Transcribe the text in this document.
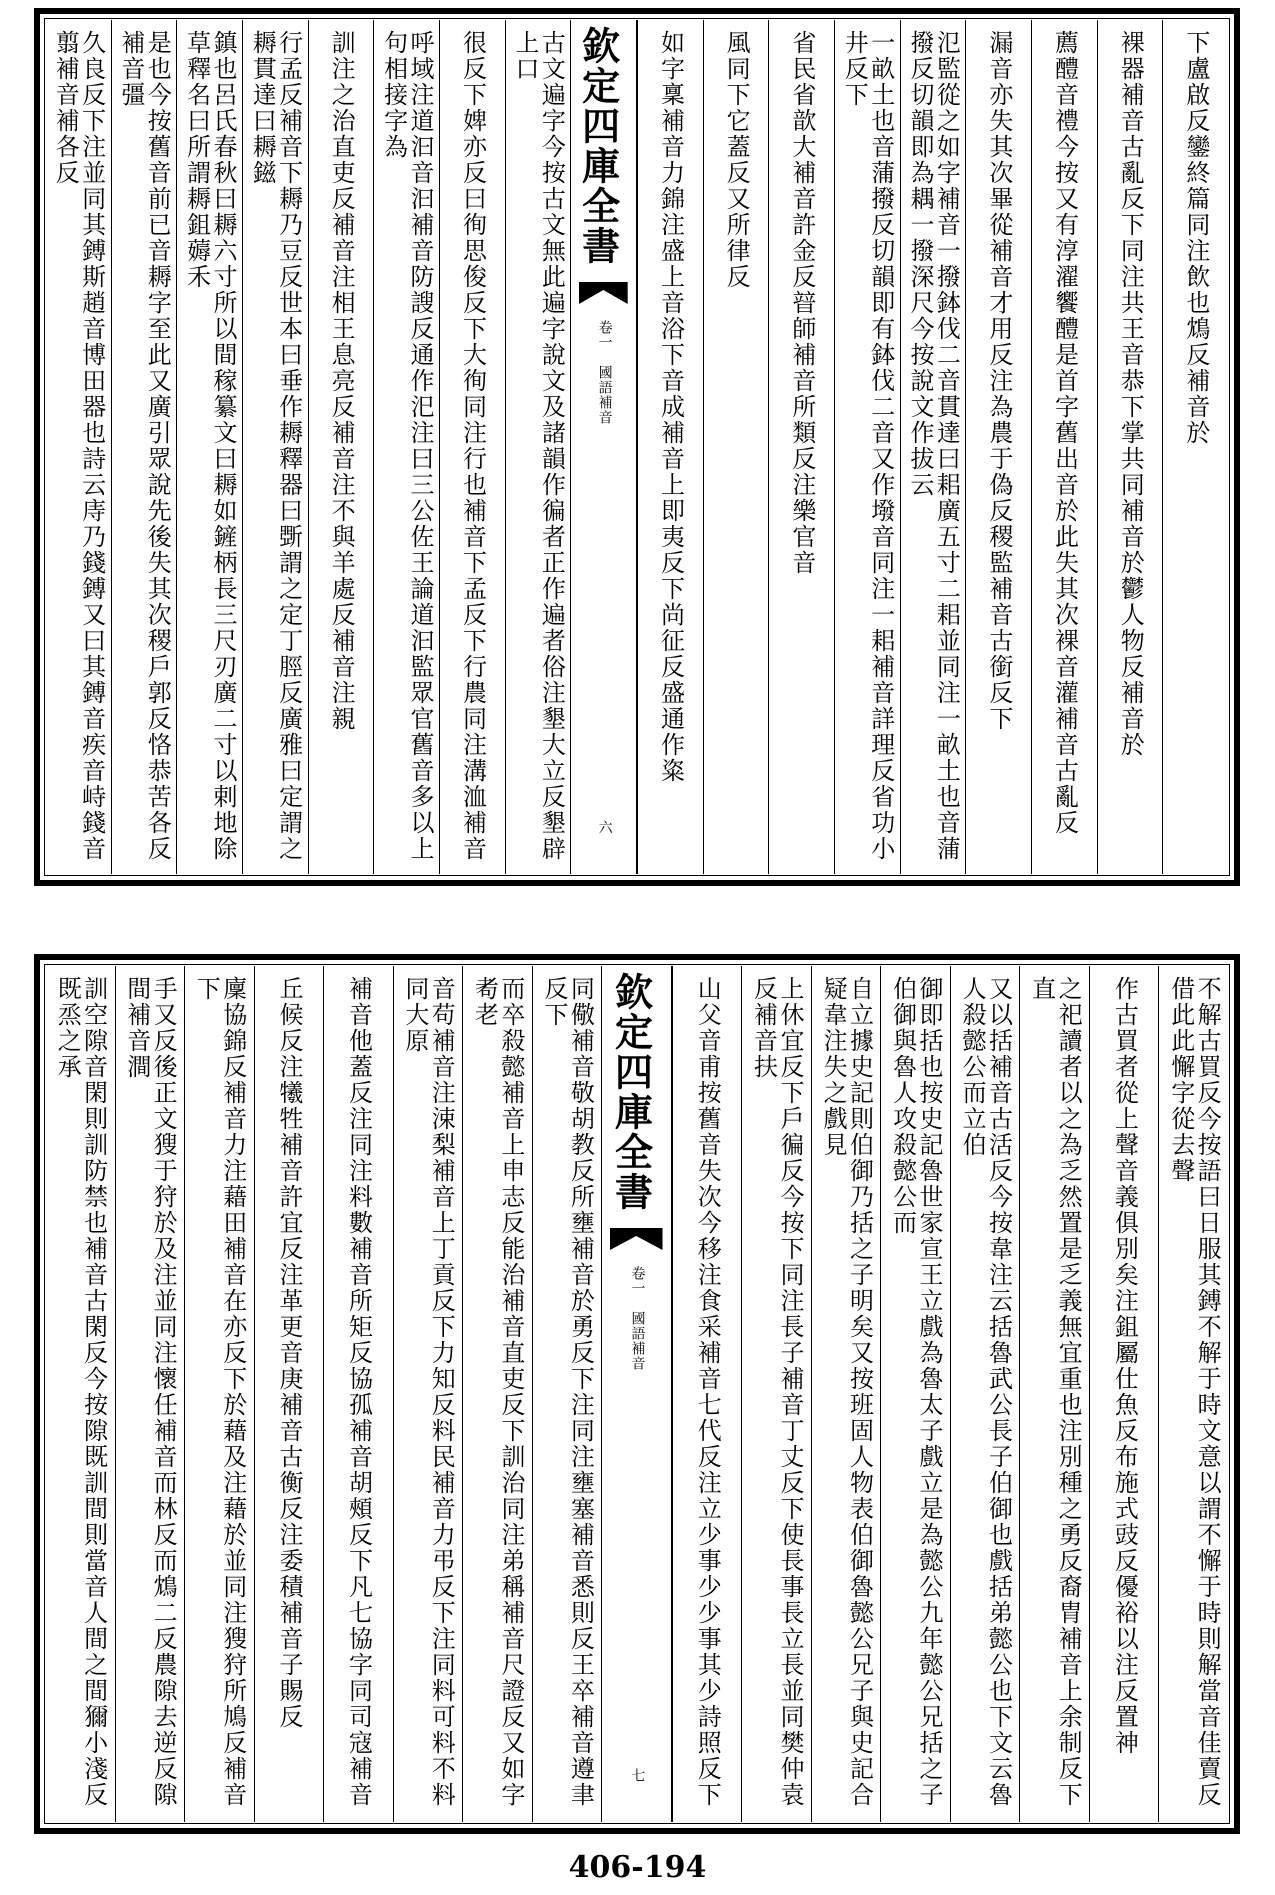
下盧啟反鑾終篇同注飲也鴆反補音於
裸器補音古亂反下同注共王音恭下掌共同補音於鬱人物反補音於
薦醴音禮今按又有淳濯饗醴是首字舊出音於此失其次裸音灌補音古亂反
漏音亦失其次畢從補音才用反注為農于偽反稷監補音古銜反下
氾監從之如字補音一撥鉢伐二音貫達曰耜廣五寸二耜並同注一畝土也音蒲撥反切韻即為耦一撥深尺今按說文作拔云
一畝土也音蒲撥反切韻即有鉢伐二音又作墢音同注一耜補音詳理反省功小井反下
省民省歆大補音許金反暜師補音所類反注樂官音
風同下它蓋反又所律反
如字稟補音力錦注盛上音浴下音成補音上即夷反下尚征反盛通作粢
欽定四庫全書
卷一　國語補音
六
古文遍字今按古文無此遍字說文及諸韻作徧者正作遍者俗注墾大立反墾辟上口
很反下婢亦反曰徇思俊反下大徇同注行也補音下孟反下行農同注溝洫補音
呼域注道汩音汩補音防謏反通作汜注曰三公佐王論道汩監眾官舊音多以上句相接字為
訓注之治直吏反補音注相王息亮反補音注不與羊處反補音注親
行孟反補音下耨乃豆反世本曰垂作耨釋器曰斲謂之定丁脛反廣雅曰定謂之耨貫達曰耨鎡
鎮也呂氏春秋曰耨六寸所以間稼纂文曰耨如鏟柄長三尺刃廣二寸以剌地除草釋名曰所謂耨鉏薅禾
是也今按舊音前已音耨字至此又廣引眾說先後失其次稷戶郭反恪恭苦各反補音彊
久良反下注並同其鎛斯趙音博田器也詩云庤乃錢鎛又曰其鎛音疾音峙錢音翦補音補各反
不解古買反今按語曰日服其鎛不解于時文意以謂不懈于時則解當音佳賣反借此此懈字從去聲
作古買者從上聲音義俱別矣注鉏屬仕魚反布施式豉反優裕以注反置神
之祀讀者以之為乏然置是乏義無宜重也注別種之勇反裔胄補音上余制反下直
又以括補音古活反今按韋注云括魯武公長子伯御也戲括弟懿公也下文云魯人殺懿公而立伯
御即括也按史記魯世家宣王立戲為魯太子戲立是為懿公九年懿公兄括之子伯御與魯人攻殺懿公而
自立據史記則伯御乃括之子明矣又按班固人物表伯御魯懿公兄子與史記合疑韋注失之戲見
上休宜反下戶徧反今按下同注長子補音丁丈反下使長事長立長並同樊仲袁反補音扶
山父音甫按舊音失次今移注食采補音七代反注立少事少少事其少詩照反下
欽定四庫全書
卷一　國語補音
七
同儆補音敬胡教反所壅補音於勇反下注同注壅塞補音悉則反王卒補音遵聿反下
而卒殺懿補音上申志反能治補音直吏反下訓治同注弟稱補音尺證反又如字耇老
音苟補音注涑梨補音上丁貢反下力知反料民補音力弔反下注同料可料不料同大原
補音他蓋反注同注料數補音所矩反協孤補音胡頰反下凡七協字同司寇補音
丘候反注犧牲補音許宜反注革更音庚補音古衡反注委積補音子賜反
廩協錦反補音力注藉田補音在亦反下於藉及注藉於並同注獀狩所鳩反補音下
手又反後正文獀于狩於及注並同注懷任補音而林反而鴆二反農隙去逆反隙間補音澗
訓空隙音閑則訓防禁也補音古閑反今按隙既訓間則當音人間之間獮小淺反既烝之承
406-194
